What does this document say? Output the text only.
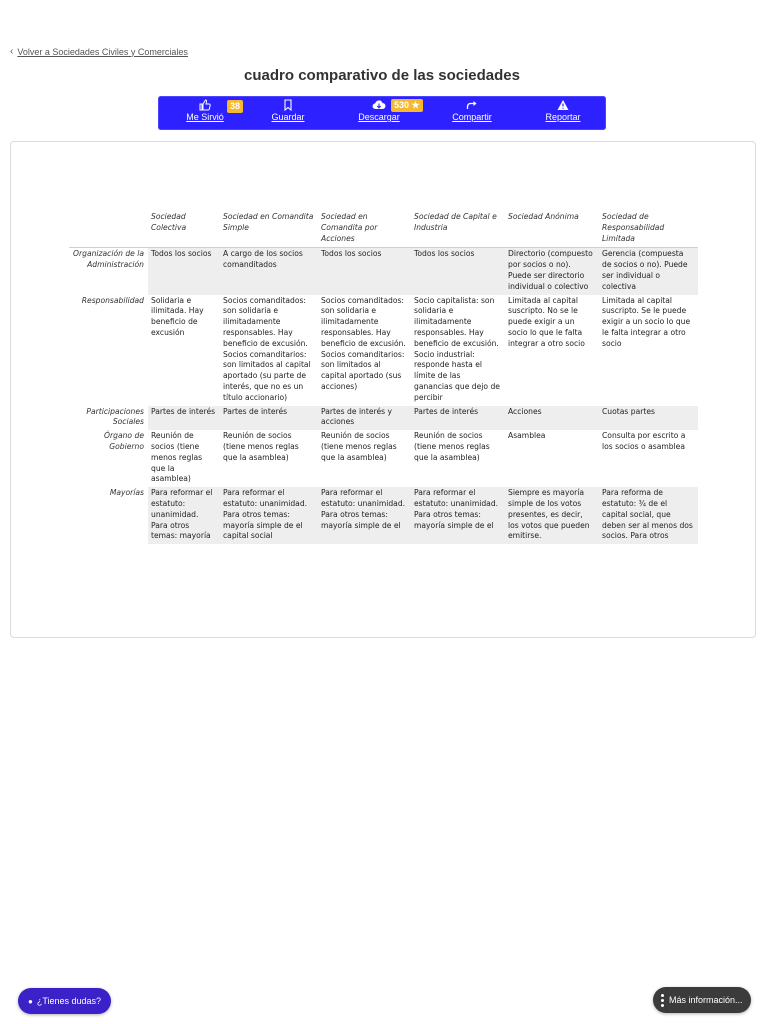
‹ Volver a Sociedades Civiles y Comerciales
cuadro comparativo de las sociedades
Me Sirvió
38
Guardar	Descargar
530 ★
Compartir	Reportar
	Sociedad Colectiva	Sociedad en Comandita Simple	Sociedad en Comandita por Acciones	Sociedad de Capital e Industria	Sociedad Anónima	Sociedad de Responsabilidad Limitada
Organización de la Administración	Todos los socios	A cargo de los socios comanditados	Todos los socios	Todos los socios	Directorio (compuesto por socios o no). Puede ser directorio individual o colectivo	Gerencia (compuesta de socios o no). Puede ser individual o colectiva
Responsabilidad	Solidaria e ilimitada. Hay beneficio de excusión	Socios comanditados: son solidaria e ilimitadamente responsables. Hay beneficio de excusión. Socios comanditarios: son limitados al capital aportado (su parte de interés, que no es un título accionario)	Socios comanditados: son solidaria e ilimitadamente responsables. Hay beneficio de excusión. Socios comanditarios: son limitados al capital aportado (sus acciones)	Socio capitalista: son solidaria e ilimitadamente responsables. Hay beneficio de excusión. Socio industrial: responde hasta el límite de las ganancias que dejo de percibir	Limitada al capital suscripto. No se le puede exigir a un socio lo que le falta integrar a otro socio	Limitada al capital suscripto. Se le puede exigir a un socio lo que le falta integrar a otro socio
Participaciones Sociales	Partes de interés	Partes de interés	Partes de interés y acciones	Partes de interés	Acciones	Cuotas partes
Órgano de Gobierno	Reunión de socios (tiene menos reglas que la asamblea)	Reunión de socios (tiene menos reglas que la asamblea)	Reunión de socios (tiene menos reglas que la asamblea)	Reunión de socios (tiene menos reglas que la asamblea)	Asamblea	Consulta por escrito a los socios o asamblea
Mayorías	Para reformar el estatuto: unanimidad. Para otros temas: mayoría	Para reformar el estatuto: unanimidad. Para otros temas: mayoría simple de el capital social	Para reformar el estatuto: unanimidad. Para otros temas: mayoría simple de el	Para reformar el estatuto: unanimidad. Para otros temas: mayoría simple de el	Siempre es mayoría simple de los votos presentes, es decir, los votos que pueden emitirse.	Para reforma de estatuto: ¾ de el capital social, que deben ser al menos dos socios. Para otros
● ¿Tienes dudas?	Más información...
